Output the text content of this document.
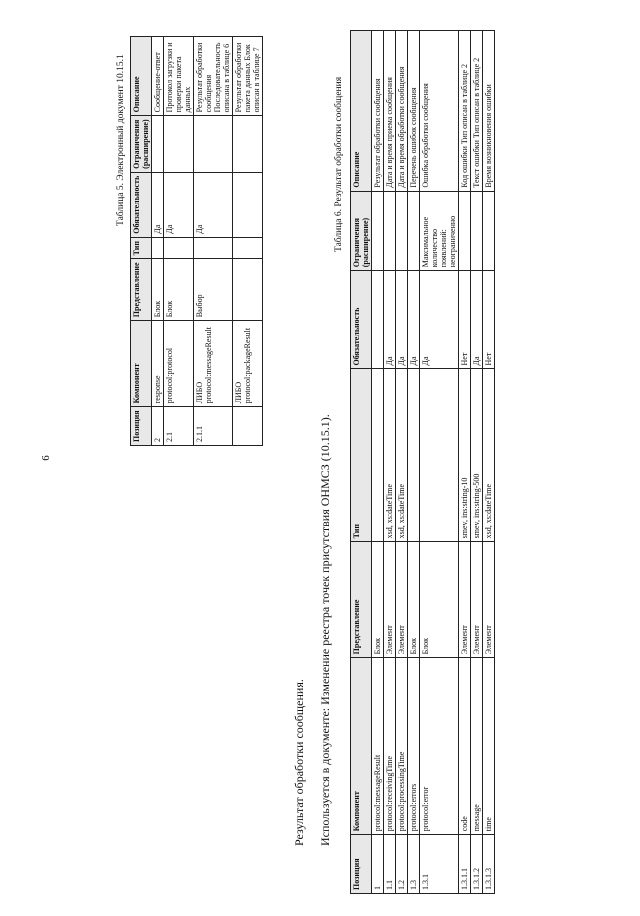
6
Таблица 5. Электронный документ 10.15.1
Позиция	Компонент	Представление	Тип	Обязательность	Ограничения (расширение)	Описание
2	response	Блок		Да		Сообщение-ответ
2.1	protocol:protocol	Блок		Да		Протокол загрузки и проверки пакета данных
2.1.1	ЛИБО protocol:messageResult	Выбор		Да		Результат обработки сообщения Последовательность описана в таблице 6
	ЛИБО protocol:packageResult					Результат обработки пакета данных Блок описан в таблице 7
Результат обработки сообщения. Используется в документе: Изменение реестра точек присутствия ОНМСЗ (10.15.1).
Таблица 6. Результат обработки сообщения
Позиция	Компонент	Представление	Тип	Обязательность	Ограничения (расширение)	Описание
1	protocol:messageResult	Блок				Результат обработки сообщения
1.1	protocol:receivingTime	Элемент	xsd, xs:dateTime	Да		Дата и время приема сообщения
1.2	protocol:processingTime	Элемент	xsd, xs:dateTime	Да		Дата и время обработки сообщения
1.3	protocol:errors	Блок		Да		Перечень ошибок сообщения
1.3.1	protocol:error	Блок		Да	Максимальное количество появлений: неограниченно	Ошибка обработки сообщения
1.3.1.1	code	Элемент	smev, ins:string-10	Нет		Код ошибки Тип описан в таблице 2
1.3.1.2	message	Элемент	smev, ins:string-500	Да		Текст ошибки Тип описан в таблице 2
1.3.1.3	time	Элемент	xsd, xs:dateTime	Нет		Время возникновения ошибки
